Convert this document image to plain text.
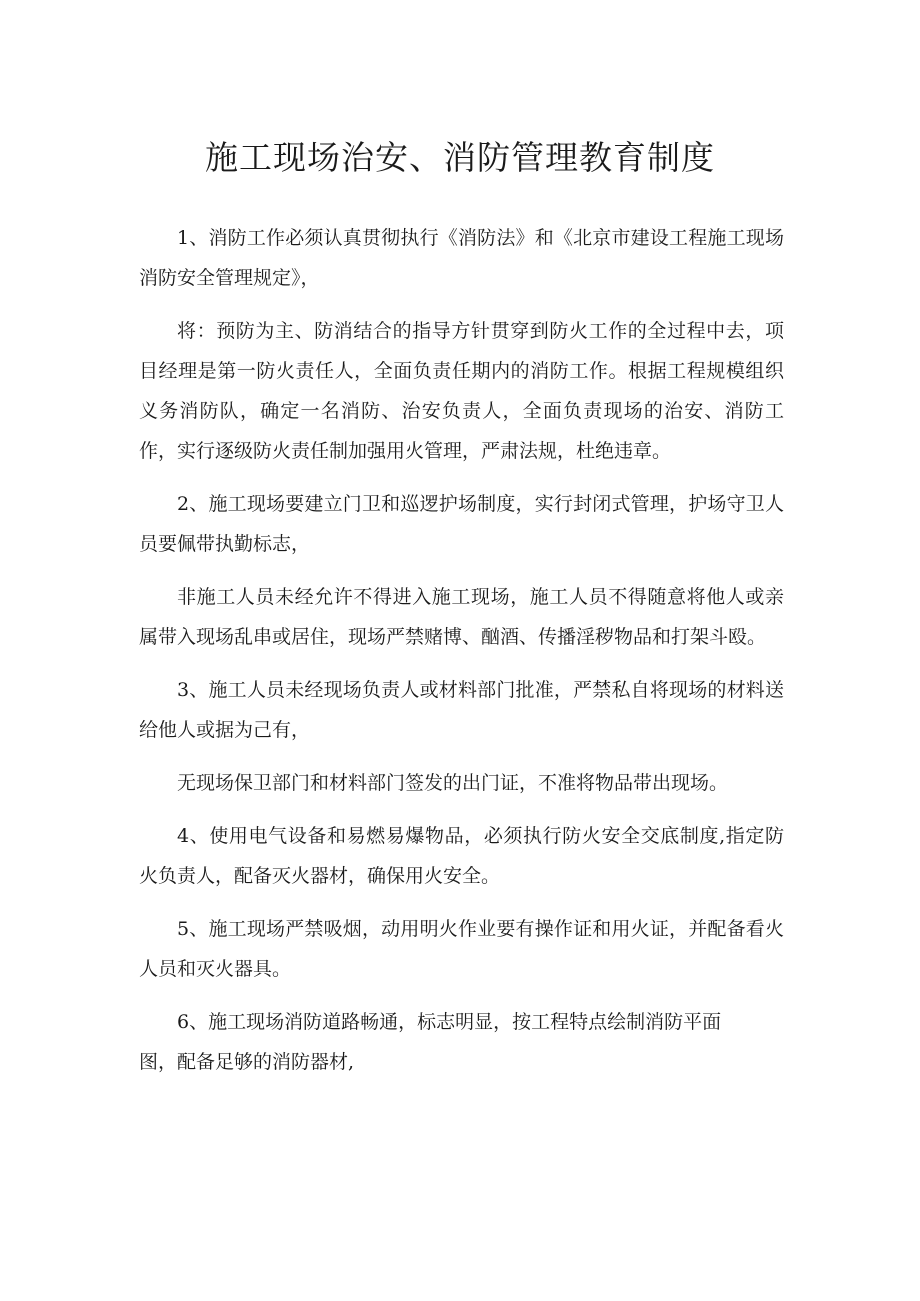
施工现场治安、消防管理教育制度

1、消防工作必须认真贯彻执行《消防法》和《北京市建设工程施工现场消防安全管理规定》，

将：预防为主、防消结合的指导方针贯穿到防火工作的全过程中去，项目经理是第一防火责任人，全面负责任期内的消防工作。根据工程规模组织义务消防队，确定一名消防、治安负责人，全面负责现场的治安、消防工作，实行逐级防火责任制加强用火管理，严肃法规，杜绝违章。

2、施工现场要建立门卫和巡逻护场制度，实行封闭式管理，护场守卫人员要佩带执勤标志，

非施工人员未经允许不得进入施工现场，施工人员不得随意将他人或亲属带入现场乱串或居住，现场严禁赌博、酗酒、传播淫秽物品和打架斗殴。

3、施工人员未经现场负责人或材料部门批准，严禁私自将现场的材料送给他人或据为己有，

无现场保卫部门和材料部门签发的出门证，不准将物品带出现场。

4、使用电气设备和易燃易爆物品，必须执行防火安全交底制度,指定防火负责人，配备灭火器材，确保用火安全。

5、施工现场严禁吸烟，动用明火作业要有操作证和用火证，并配备看火人员和灭火器具。

6、施工现场消防道路畅通，标志明显，按工程特点绘制消防平面图，配备足够的消防器材,
